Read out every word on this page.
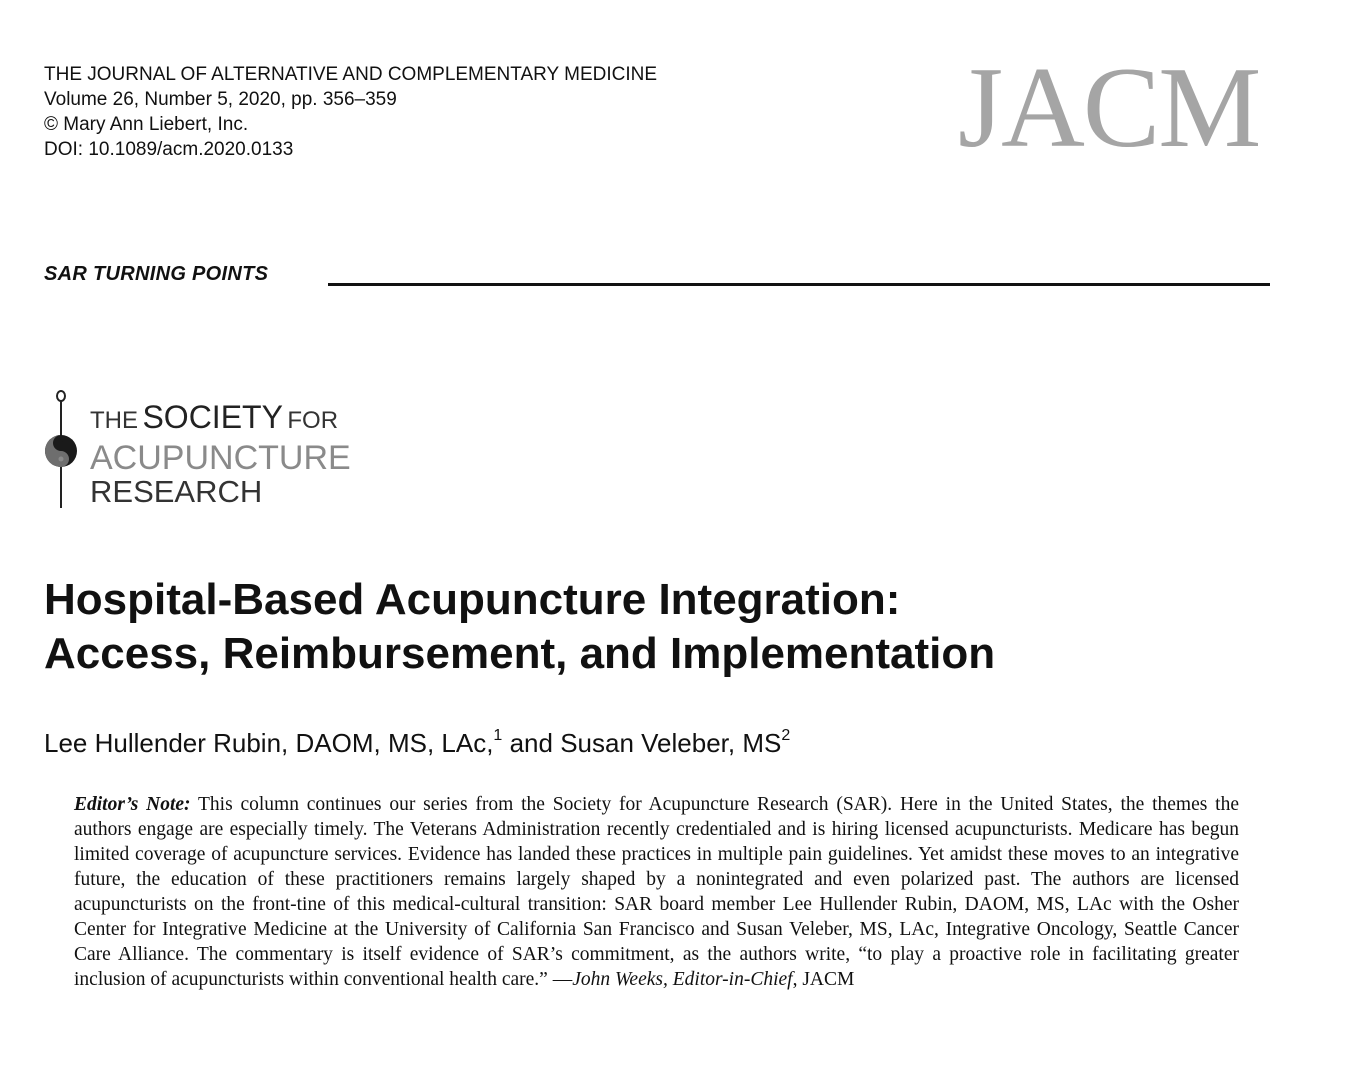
THE JOURNAL OF ALTERNATIVE AND COMPLEMENTARY MEDICINE
Volume 26, Number 5, 2020, pp. 356–359
© Mary Ann Liebert, Inc.
DOI: 10.1089/acm.2020.0133	JACM
SAR TURNING POINTS
THE SOCIETY FOR
ACUPUNCTURE
RESEARCH
Hospital-Based Acupuncture Integration:
Access, Reimbursement, and Implementation
Lee Hullender Rubin, DAOM, MS, LAc,$^1$ and Susan Veleber, $MS^2$
Editor’s Note: This column continues our series from the Society for Acupuncture Research (SAR). Here in the United States, the themes the authors engage are especially timely. The Veterans Administration recently credentialed and is hiring licensed acupuncturists. Medicare has begun limited coverage of acupuncture services. Evidence has landed these practices in multiple pain guidelines. Yet amidst these moves to an integrative future, the education of these practitioners remains largely shaped by a nonintegrated and even polarized past. The authors are licensed acupuncturists on the front-tine of this medical-cultural transition: SAR board member Lee Hullender Rubin, DAOM, MS, LAc with the Osher Center for Integrative Medicine at the University of California San Francisco and Susan Veleber, MS, LAc, Integrative Oncology, Seattle Cancer Care Alliance. The commentary is itself evidence of SAR’s commitment, as the authors write, “to play a proactive role in facilitating greater inclusion of acupuncturists within conventional health care.” —John Weeks, Editor-in-Chief, JACM
